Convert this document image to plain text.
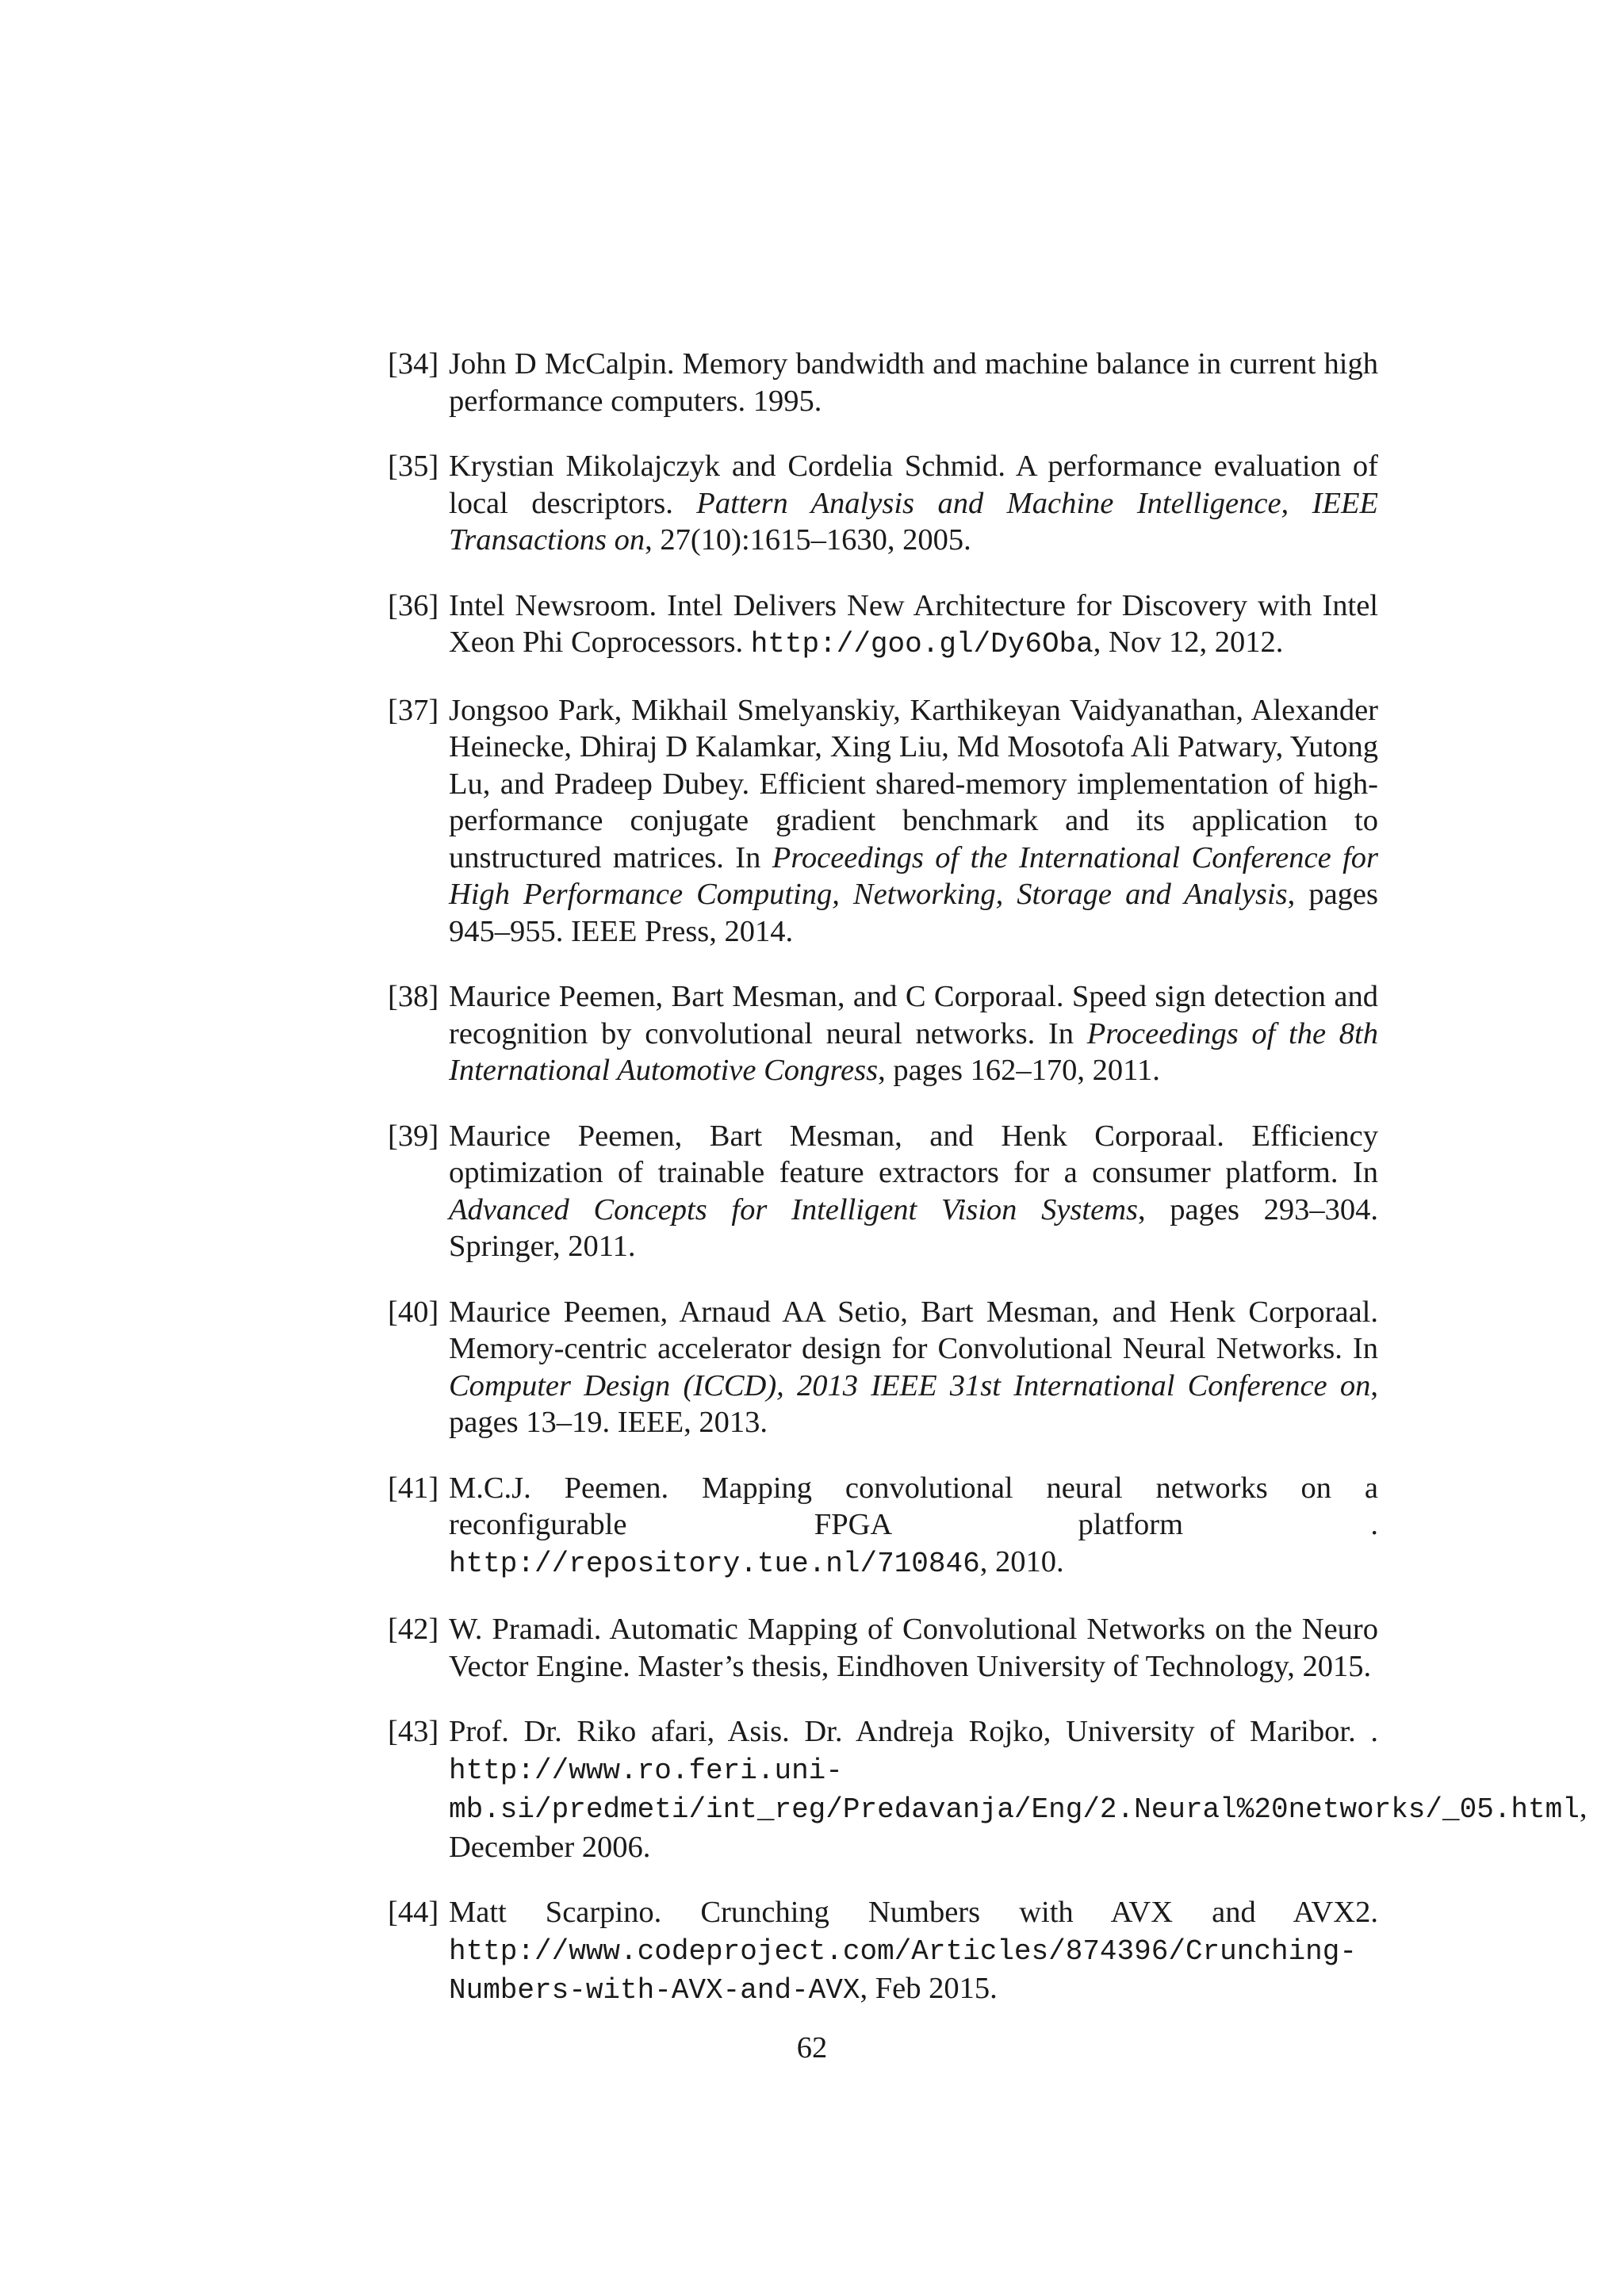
[34] John D McCalpin. Memory bandwidth and machine balance in current high performance computers. 1995.
[35] Krystian Mikolajczyk and Cordelia Schmid. A performance evaluation of local descriptors. Pattern Analysis and Machine Intelligence, IEEE Transactions on, 27(10):1615–1630, 2005.
[36] Intel Newsroom. Intel Delivers New Architecture for Discovery with Intel Xeon Phi Coprocessors. http://goo.gl/Dy6Oba, Nov 12, 2012.
[37] Jongsoo Park, Mikhail Smelyanskiy, Karthikeyan Vaidyanathan, Alexander Heinecke, Dhiraj D Kalamkar, Xing Liu, Md Mosotofa Ali Patwary, Yutong Lu, and Pradeep Dubey. Efficient shared-memory implementation of high-performance conjugate gradient benchmark and its application to unstructured matrices. In Proceedings of the International Conference for High Performance Computing, Networking, Storage and Analysis, pages 945–955. IEEE Press, 2014.
[38] Maurice Peemen, Bart Mesman, and C Corporaal. Speed sign detection and recognition by convolutional neural networks. In Proceedings of the 8th International Automotive Congress, pages 162–170, 2011.
[39] Maurice Peemen, Bart Mesman, and Henk Corporaal. Efficiency optimization of trainable feature extractors for a consumer platform. In Advanced Concepts for Intelligent Vision Systems, pages 293–304. Springer, 2011.
[40] Maurice Peemen, Arnaud AA Setio, Bart Mesman, and Henk Corporaal. Memory-centric accelerator design for Convolutional Neural Networks. In Computer Design (ICCD), 2013 IEEE 31st International Conference on, pages 13–19. IEEE, 2013.
[41] M.C.J. Peemen. Mapping convolutional neural networks on a reconfigurable FPGA platform . http://repository.tue.nl/710846, 2010.
[42] W. Pramadi. Automatic Mapping of Convolutional Networks on the Neuro Vector Engine. Master’s thesis, Eindhoven University of Technology, 2015.
[43] Prof. Dr. Riko afari, Asis. Dr. Andreja Rojko, University of Maribor. . http://www.ro.feri.uni-mb.si/predmeti/int_reg/Predavanja/Eng/2.Neural%20networks/_05.html, December 2006.
[44] Matt Scarpino. Crunching Numbers with AVX and AVX2. http://www.codeproject.com/Articles/874396/Crunching-Numbers-with-AVX-and-AVX, Feb 2015.
62
